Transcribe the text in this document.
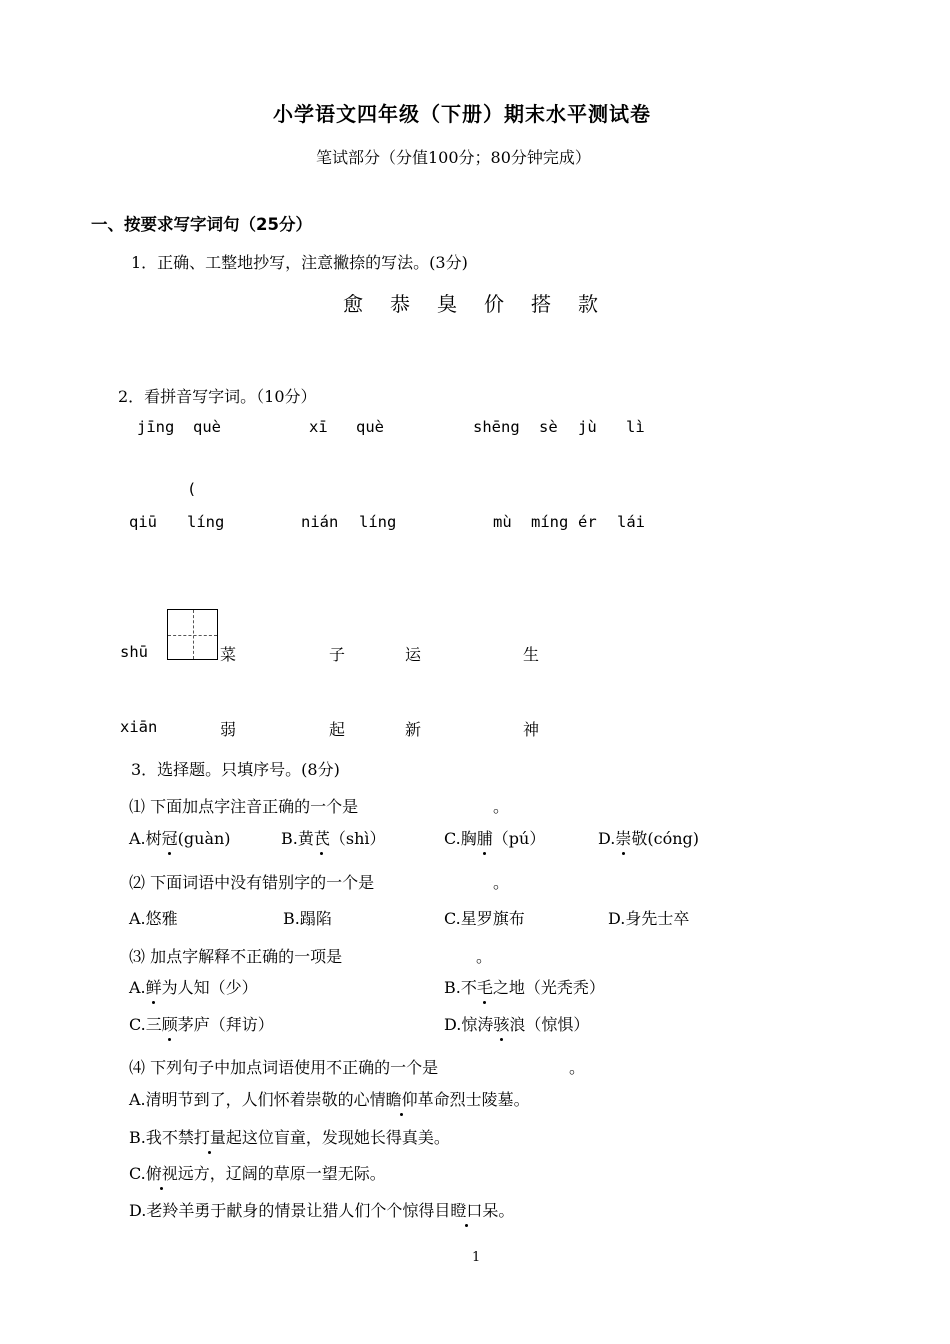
小学语文四年级（下册）期末水平测试卷
笔试部分（分值100分；80分钟完成）
一、按要求写字词句（25分）
1．正确、工整地抄写，注意撇捺的写法。(3分)
愈 恭 臭 价 搭 款
2．看拼音写字词。（10分）
jīng què	xī què	shēng sè jù lì
(
qiū líng	nián líng	mù míng ér lái
shū	菜	子	运	生
xiān	弱	起	新	神
3．选择题。只填序号。(8分)
⑴ 下面加点字注音正确的一个是	。
A.树冠(guàn)	B.黄芪（shì）	C.胸脯（pú）	D.崇敬(cóng)
⑵ 下面词语中没有错别字的一个是	。
A.悠雅	B.蹋陷	C.星罗旗布	D.身先士卒
⑶ 加点字解释不正确的一项是	。
A.鲜为人知（少）	B.不毛之地（光秃秃）
C.三顾茅庐（拜访）	D.惊涛骇浪（惊惧）
⑷ 下列句子中加点词语使用不正确的一个是	。
A.清明节到了，人们怀着崇敬的心情瞻仰革命烈士陵墓。
B.我不禁打量起这位盲童，发现她长得真美。
C.俯视远方，辽阔的草原一望无际。
D.老羚羊勇于献身的情景让猎人们个个惊得目瞪口呆。
1
